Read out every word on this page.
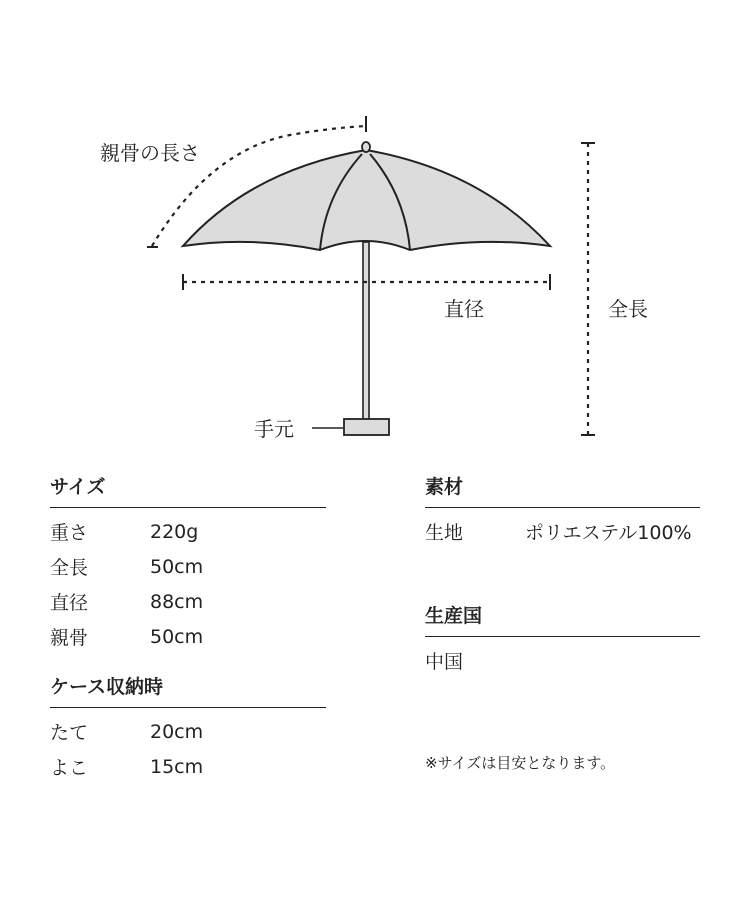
親骨の長さ
手元
直径	全長
サイズ
重さ	220g
全長	50cm
直径	88cm
親骨	50cm
ケース収納時
たて	20cm
よこ	15cm
素材
生地	ポリエステル100%
生産国
中国
※サイズは目安となります。
